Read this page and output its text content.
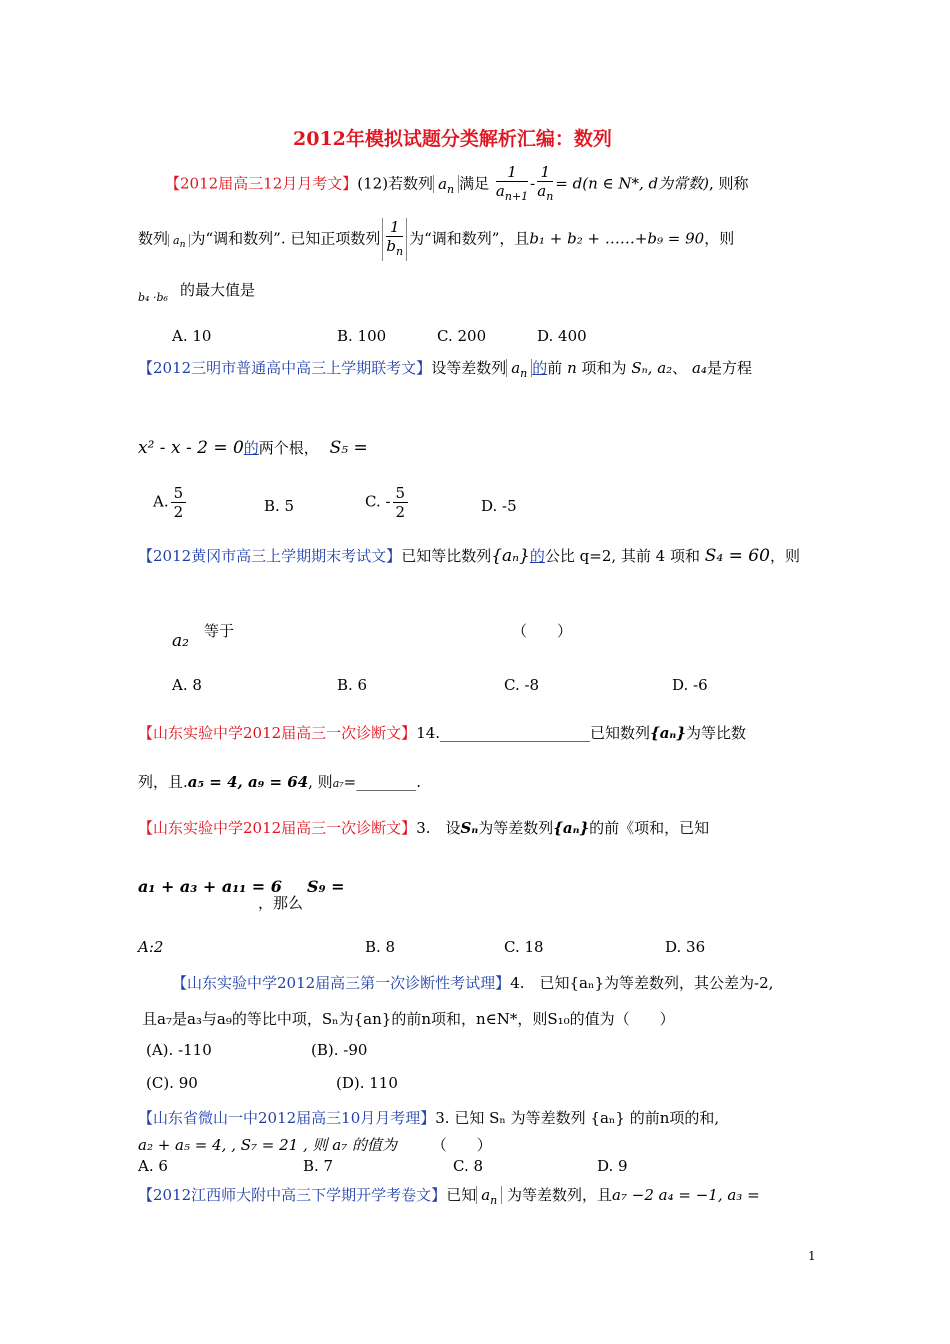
2012年模拟试题分类解析汇编：数列
【2012届高三12月月考文】(12)若数列 $a_n$ 满足 $\frac{1}{a_{n+1}} - \frac{1}{a_n} = d(n$ ∈ N*, d为常数), 则称
数列 $a_n$ 为“调和数列”. 已知正项数列 $\frac{1}{b_n}$ 为“调和数列”，且b₁ + b₂ + ……+b₉ = 90，则
b₄ ·b₆ 的最大值是
A. 10	B. 100	C. 200	D. 400
【2012三明市普通高中高三上学期联考文】设等差数列 $a_n$ 的前 n 项和为 Sₙ, a₂、 a₄是方程
x² - x - 2 = 0的两个根， S₅ =
A. $\frac{5}{2}$	B. 5	C. - $\frac{5}{2}$	D. -5
【2012黄冈市高三上学期期末考试文】已知等比数列{aₙ}的公比 q=2, 其前 4 项和 S₄ = 60，则
a₂ 等于	（　　）
A. 8	B. 6	C. -8	D. -6
【山东实验中学2012届高三一次诊断文】14.____________________已知数列{aₙ}为等比数
列，且.a₅ = 4, a₉ = 64, 则a₇=________.
【山东实验中学2012届高三一次诊断文】3.　设Sₙ为等差数列{aₙ}的前《项和，已知
a₁ + a₃ + a₁₁ = 6
，那么
S₉ =
A:2	B. 8	C. 18	D. 36
【山东实验中学2012届高三第一次诊断性考试理】4.　已知{aₙ}为等差数列，其公差为-2,
且a₇是a₃与a₉的等比中项，Sₙ为{an}的前n项和，n∈N*，则S₁₀的值为（　　）
(A). -110	(B). -90
(C). 90	(D). 110
【山东省微山一中2012届高三10月月考理】3. 已知 Sₙ 为等差数列 {aₙ} 的前n项的和,
a₂ + a₅ = 4, , S₇ = 21 , 则 a₇ 的值为 （　　）
A. 6	B. 7	C. 8	D. 9
【2012江西师大附中高三下学期开学考卷文】已知 $a_n$ 为等差数列，且a₇ −2 a₄ = −1, a₃ =
1
